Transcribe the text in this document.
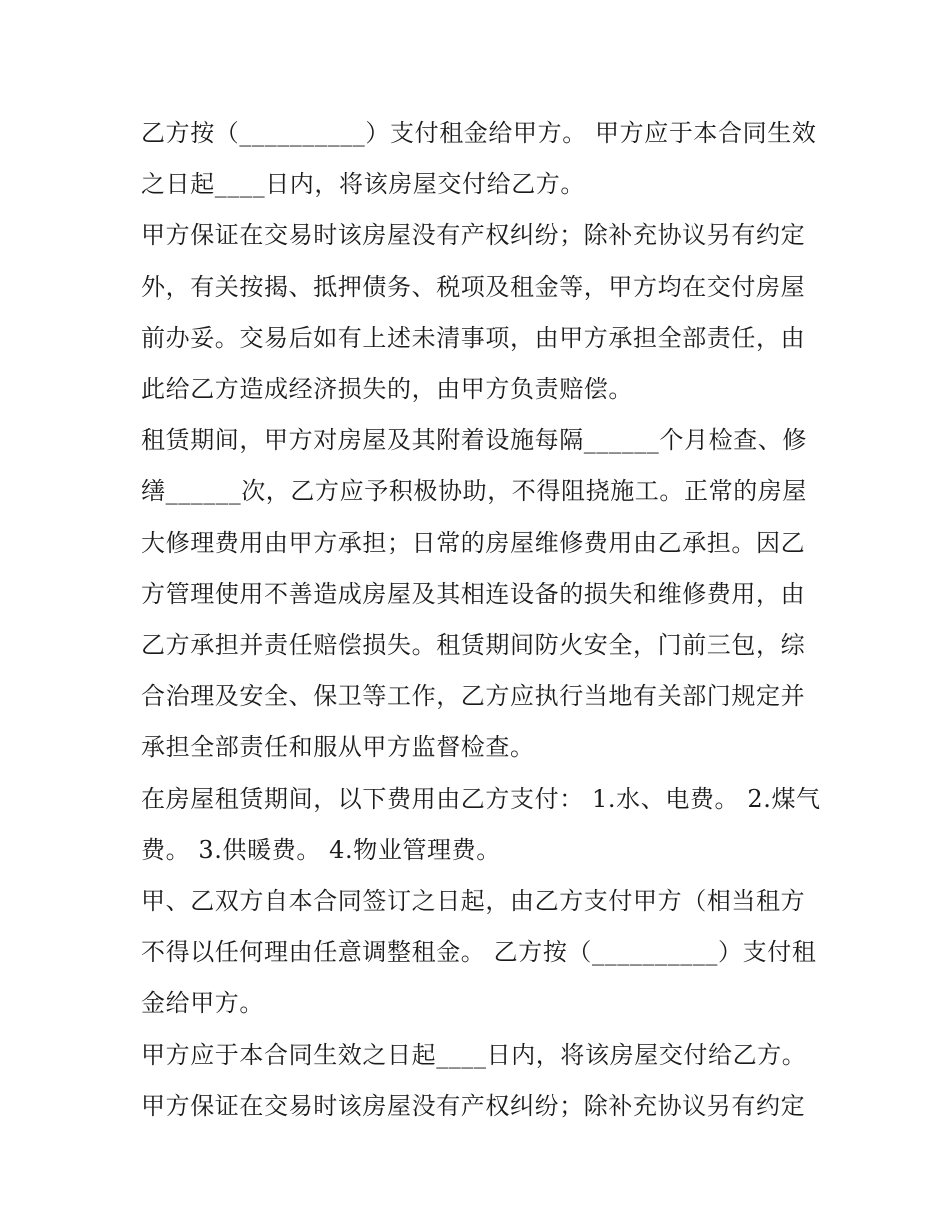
乙方按（__________）支付租金给甲方。 甲方应于本合同生效之日起____日内，将该房屋交付给乙方。

甲方保证在交易时该房屋没有产权纠纷；除补充协议另有约定外，有关按揭、抵押债务、税项及租金等，甲方均在交付房屋前办妥。交易后如有上述未清事项，由甲方承担全部责任，由此给乙方造成经济损失的，由甲方负责赔偿。

租赁期间，甲方对房屋及其附着设施每隔______个月检查、修缮______次，乙方应予积极协助，不得阻挠施工。正常的房屋大修理费用由甲方承担；日常的房屋维修费用由乙承担。因乙方管理使用不善造成房屋及其相连设备的损失和维修费用，由乙方承担并责任赔偿损失。租赁期间防火安全，门前三包，综合治理及安全、保卫等工作，乙方应执行当地有关部门规定并承担全部责任和服从甲方监督检查。

在房屋租赁期间，以下费用由乙方支付： 1.水、电费。 2.煤气费。 3.供暖费。 4.物业管理费。

甲、乙双方自本合同签订之日起，由乙方支付甲方（相当租方不得以任何理由任意调整租金。 乙方按（__________）支付租金给甲方。

甲方应于本合同生效之日起____日内，将该房屋交付给乙方。

甲方保证在交易时该房屋没有产权纠纷；除补充协议另有约定
